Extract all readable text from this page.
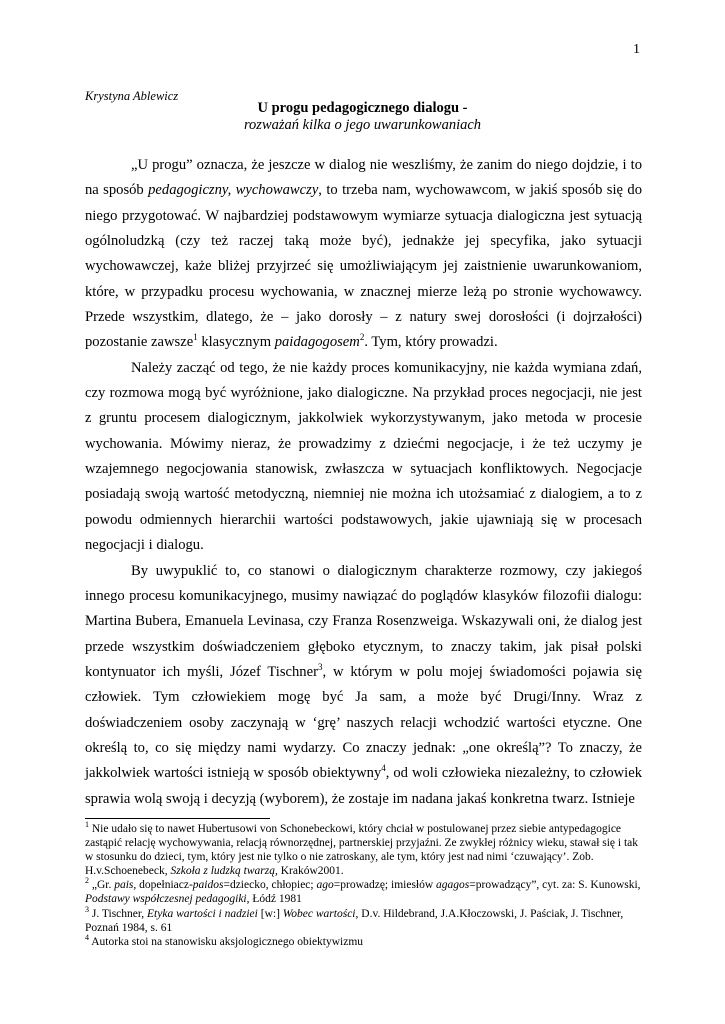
1
Krystyna Ablewicz
U progu pedagogicznego dialogu -
rozważań kilka o jego uwarunkowaniach

„U progu” oznacza, że jeszcze w dialog nie weszliśmy, że zanim do niego dojdzie, i to na sposób pedagogiczny, wychowawczy, to trzeba nam, wychowawcom, w jakiś sposób się do niego przygotować. W najbardziej podstawowym wymiarze sytuacja dialogiczna jest sytuacją ogólnoludzką (czy też raczej taką może być), jednakże jej specyfika, jako sytuacji wychowawczej, każe bliżej przyjrzeć się umożliwiającym jej zaistnienie uwarunkowaniom, które, w przypadku procesu wychowania, w znacznej mierze leżą po stronie wychowawcy. Przede wszystkim, dlatego, że – jako dorosły – z natury swej dorosłości (i dojrzałości) pozostanie zawsze$^1$ klasycznym paidagogosem$^2$. Tym, który prowadzi.

Należy zacząć od tego, że nie każdy proces komunikacyjny, nie każda wymiana zdań, czy rozmowa mogą być wyróżnione, jako dialogiczne. Na przykład proces negocjacji, nie jest z gruntu procesem dialogicznym, jakkolwiek wykorzystywanym, jako metoda w procesie wychowania. Mówimy nieraz, że prowadzimy z dziećmi negocjacje, i że też uczymy je wzajemnego negocjowania stanowisk, zwłaszcza w sytuacjach konfliktowych. Negocjacje posiadają swoją wartość metodyczną, niemniej nie można ich utożsamiać z dialogiem, a to z powodu odmiennych hierarchii wartości podstawowych, jakie ujawniają się w procesach negocjacji i dialogu.

By uwypuklić to, co stanowi o dialogicznym charakterze rozmowy, czy jakiegoś innego procesu komunikacyjnego, musimy nawiązać do poglądów klasyków filozofii dialogu: Martina Bubera, Emanuela Levinasa, czy Franza Rosenzweiga. Wskazywali oni, że dialog jest przede wszystkim doświadczeniem głęboko etycznym, to znaczy takim, jak pisał polski kontynuator ich myśli, Józef Tischner$^3$, w którym w polu mojej świadomości pojawia się człowiek. Tym człowiekiem mogę być Ja sam, a może być Drugi/Inny. Wraz z doświadczeniem osoby zaczynają w ‘grę’ naszych relacji wchodzić wartości etyczne. One określą to, co się między nami wydarzy. Co znaczy jednak: „one określą”? To znaczy, że jakkolwiek wartości istnieją w sposób obiektywny$^4$, od woli człowieka niezależny, to człowiek sprawia wolą swoją i decyzją (wyborem), że zostaje im nadana jakaś konkretna twarz. Istnieje

$^1$ Nie udało się to nawet Hubertusowi von Schonebeckowi, który chciał w postulowanej przez siebie antypedagogice zastąpić relację wychowywania, relacją równorzędnej, partnerskiej przyjaźni. Ze zwykłej różnicy wieku, stawał się i tak w stosunku do dzieci, tym, który jest nie tylko o nie zatroskany, ale tym, który jest nad nimi ‘czuwający’. Zob. H.v.Schoenebeck, Szkoła z ludzką twarzą, Kraków2001.

$^2$ „Gr. pais, dopełniacz-paidos=dziecko, chłopiec; ago=prowadzę; imiesłów agagos=prowadzący”, cyt. za: S. Kunowski, Podstawy współczesnej pedagogiki, Łódź 1981

$^3$ J. Tischner, Etyka wartości i nadziei [w:] Wobec wartości, D.v. Hildebrand, J.A.Kłoczowski, J. Paściak, J. Tischner, Poznań 1984, s. 61

$^4$ Autorka stoi na stanowisku aksjologicznego obiektywizmu
